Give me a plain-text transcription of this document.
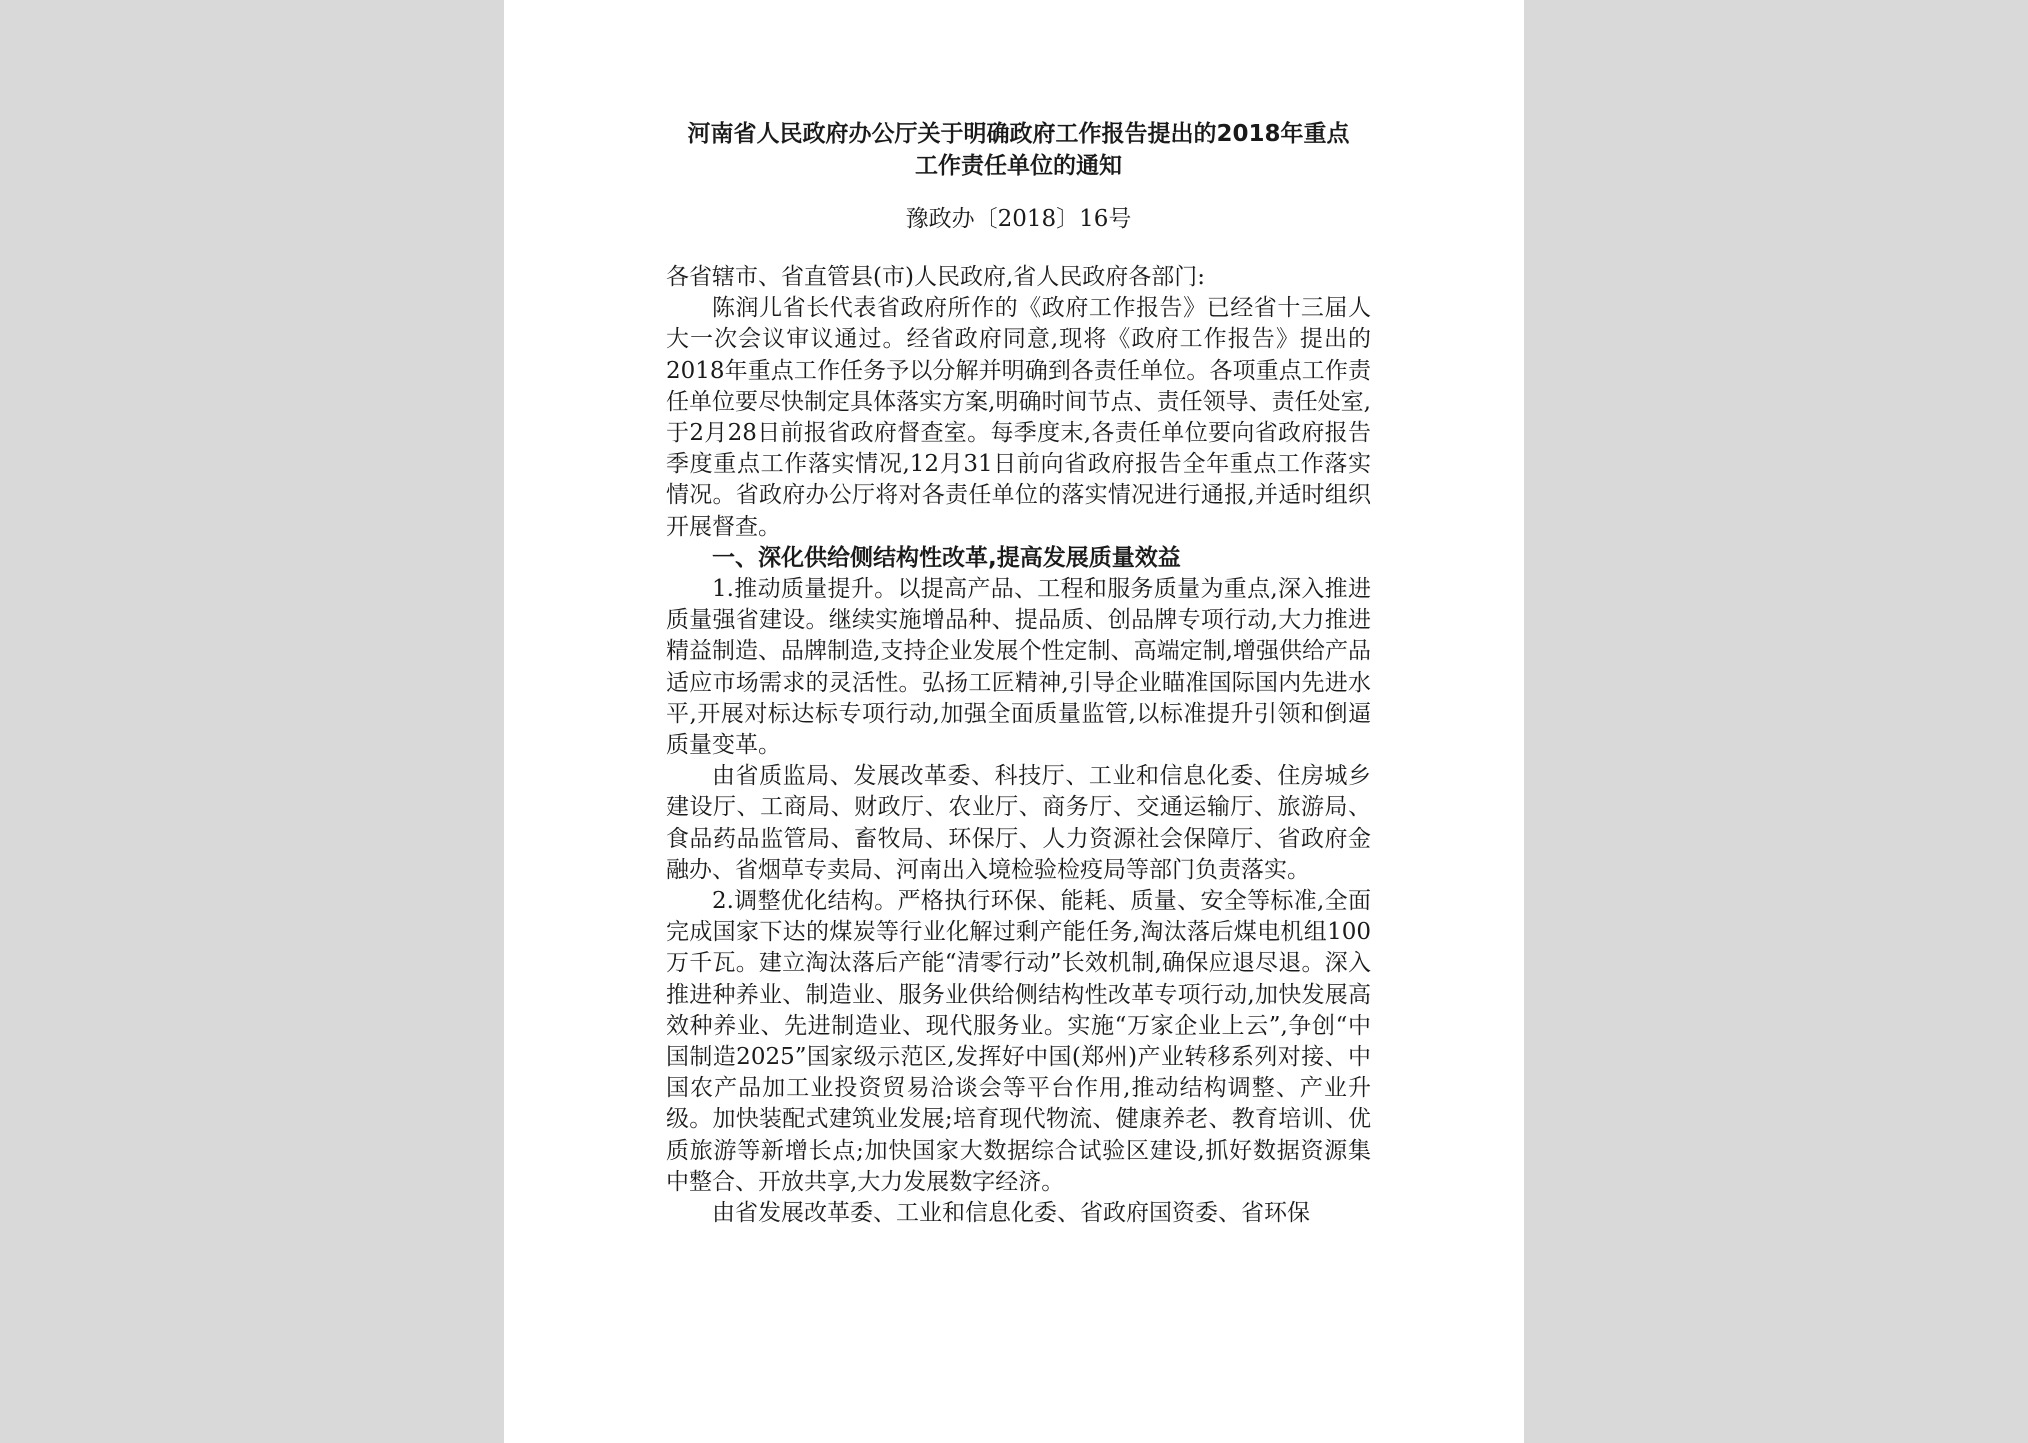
河南省人民政府办公厅关于明确政府工作报告提出的2018年重点
工作责任单位的通知

豫政办〔2018〕16号

各省辖市、省直管县(市)人民政府,省人民政府各部门:

陈润儿省长代表省政府所作的《政府工作报告》已经省十三届人大一次会议审议通过。经省政府同意,现将《政府工作报告》提出的2018年重点工作任务予以分解并明确到各责任单位。各项重点工作责任单位要尽快制定具体落实方案,明确时间节点、责任领导、责任处室,于2月28日前报省政府督查室。每季度末,各责任单位要向省政府报告季度重点工作落实情况,12月31日前向省政府报告全年重点工作落实情况。省政府办公厅将对各责任单位的落实情况进行通报,并适时组织开展督查。

一、深化供给侧结构性改革,提高发展质量效益

1.推动质量提升。以提高产品、工程和服务质量为重点,深入推进质量强省建设。继续实施增品种、提品质、创品牌专项行动,大力推进精益制造、品牌制造,支持企业发展个性定制、高端定制,增强供给产品适应市场需求的灵活性。弘扬工匠精神,引导企业瞄准国际国内先进水平,开展对标达标专项行动,加强全面质量监管,以标准提升引领和倒逼质量变革。

由省质监局、发展改革委、科技厅、工业和信息化委、住房城乡建设厅、工商局、财政厅、农业厅、商务厅、交通运输厅、旅游局、食品药品监管局、畜牧局、环保厅、人力资源社会保障厅、省政府金融办、省烟草专卖局、河南出入境检验检疫局等部门负责落实。

2.调整优化结构。严格执行环保、能耗、质量、安全等标准,全面完成国家下达的煤炭等行业化解过剩产能任务,淘汰落后煤电机组100万千瓦。建立淘汰落后产能“清零行动”长效机制,确保应退尽退。深入推进种养业、制造业、服务业供给侧结构性改革专项行动,加快发展高效种养业、先进制造业、现代服务业。实施“万家企业上云”,争创“中国制造2025”国家级示范区,发挥好中国(郑州)产业转移系列对接、中国农产品加工业投资贸易洽谈会等平台作用,推动结构调整、产业升级。加快装配式建筑业发展;培育现代物流、健康养老、教育培训、优质旅游等新增长点;加快国家大数据综合试验区建设,抓好数据资源集中整合、开放共享,大力发展数字经济。

由省发展改革委、工业和信息化委、省政府国资委、省环保
